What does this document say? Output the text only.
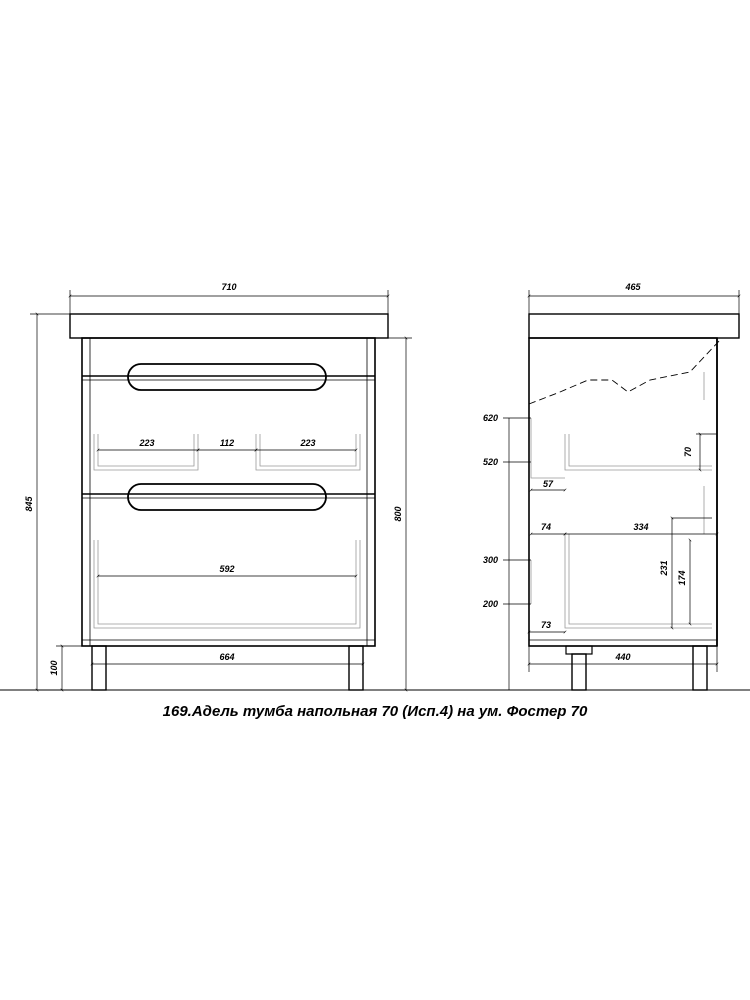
710
845
800
100
223	112	223
592
664
465
620
520
300
200
57
74	334
73
440
70
231
174
169.Адель тумба напольная 70 (Исп.4) на ум. Фостер 70
